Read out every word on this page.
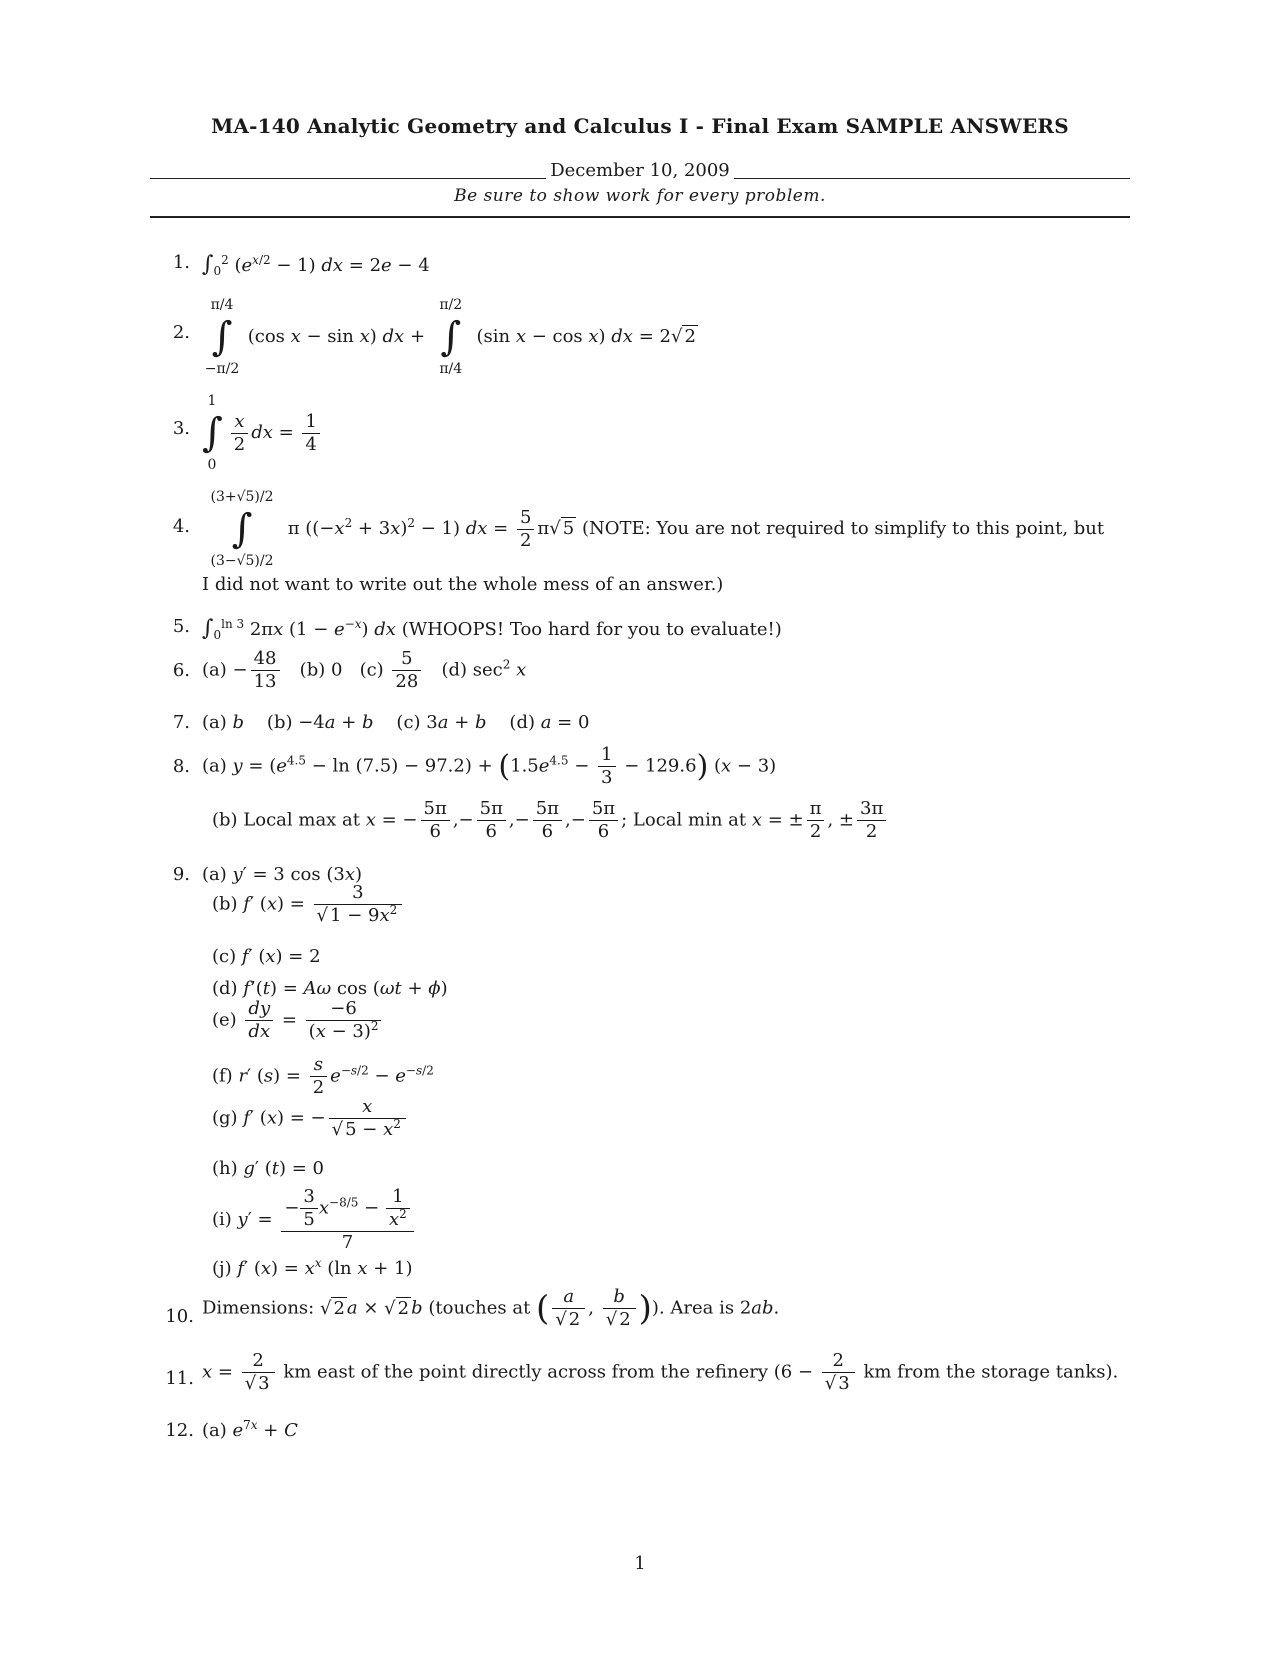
MA-140 Analytic Geometry and Calculus I - Final Exam SAMPLE ANSWERS
December 10, 2009
Be sure to show work for every problem.
1. $\int_0^2$ $(e^{x/2} - 1)$ dx = 2e − 4
2.
π/4
∫
−π/2
(cos x − sin x) dx +
π/2
∫
π/4
(sin x − cos x) dx = 2√ 2
3.
1
∫
0

$\frac{x}{2}$ dx = $\frac{1}{4}$
4.
(3+√5)/2
∫
(3−√5)/2
π $((-x^2 + 3x)^2 - 1)$ dx = $\frac{5}{2} \pi√$ 5 (NOTE: You are not required to simplify to this point, but
I did not want to write out the whole mess of an answer.)
5. $\int_0^{ln 3}$ 2πx $(1 - e^{-x})$ dx (WHOOPS! Too hard for you to evaluate!)
6. $(a) - \frac{48}{13} (b)$ 0   $(c) \frac{5}{28} (d)$ $\sec^2 x$
7. (a) b    (b) −4a + b    (c) 3a + b    (d) a = 0
8. (a) $y = (e^{4.5} - \ln (7.5) - 97.2) + (1.5e^{4.5} - \frac{1}{3} - 129.6) (x - 3)$
(b) Local max at x = − $\frac{5\pi}{6}$ ,− $\frac{5\pi}{6}$ ,− $\frac{5\pi}{6}$ ,− $\frac{5\pi}{6}$ ; Local min at x = ± $\frac{\pi}{2}$ , ± $\frac{3\pi}{2}$
9. (a) y′ = 3 cos (3x)
(b) f′ $(x) = \frac{3}{√ 1 - 9x^2}$
(c) f′ (x) = 2
(d) f’(t) = Aω cos (ωt + ϕ)
$(e) \frac{dy}{dx} = \frac{-6}{(x - 3)^2}$
(f) r′ $(s) = \frac{s}{2} e^{-s/2} - e^{-s/2}$
(g) f′ (x) = − $\frac{x}{√ 5 - x^2}$
(h) g′ (t) = 0
(i) $y' = \frac{- \frac{3}{5} x^{-8/5} - \frac{1}{x^2}}{7}$
(j) f′ $(x) = x^x$ (ln x + 1)
10. Dimensions: √ 2 a × √ 2 b (touches at ( $\frac{a}{√ 2}$ , $\frac{b}{√ 2}$ )). Area is 2ab.
11. $x = \frac{2}{√ 3}$ km east of the point directly across from the refinery ($6 - \frac{2}{√ 3}$ km from the storage tanks).
12. (a) $e^{7x} + C$
1
